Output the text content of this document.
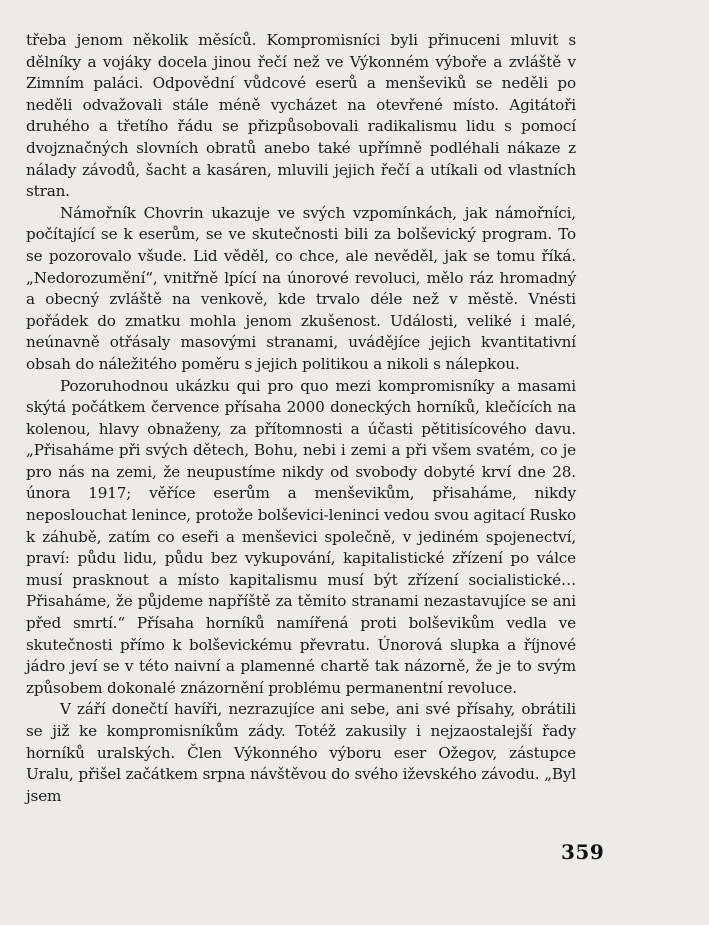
třeba jenom několik měsíců. Kompromisníci byli přinuceni mluvit s dělníky a vojáky docela jinou řečí než ve Výkonném výboře a zvláště v Zimním paláci. Odpovědní vůdcové eserů a menševiků se neděli po neděli odvažovali stále méně vycházet na otevřené místo. Agitátoři druhého a třetího řádu se přizpůsobovali radikalismu lidu s pomocí dvojznačných slovních obratů anebo také upřímně podléhali nákaze z nálady závodů, šacht a kasáren, mluvili jejich řečí a utíkali od vlastních stran.

Námořník Chovrin ukazuje ve svých vzpomínkách, jak námořníci, počítající se k eserům, se ve skutečnosti bili za bolševický program. To se pozorovalo všude. Lid věděl, co chce, ale nevěděl, jak se tomu říká. „Nedorozumění“, vnitřně lpící na únorové revoluci, mělo ráz hromadný a obecný zvláště na venkově, kde trvalo déle než v městě. Vnésti pořádek do zmatku mohla jenom zkušenost. Události, veliké i malé, neúnavně otřásaly masovými stranami, uvádějíce jejich kvantitativní obsah do náležitého poměru s jejich politikou a nikoli s nálepkou.

Pozoruhodnou ukázku qui pro quo mezi kompromisníky a masami skýtá počátkem července přísaha 2000 doneckých horníků, klečících na kolenou, hlavy obnaženy, za přítomnosti a účasti pětitisícového davu. „Přisaháme při svých dětech, Bohu, nebi i zemi a při všem svatém, co je pro nás na zemi, že neupustíme nikdy od svobody dobyté krví dne 28. února 1917; věříce eserům a menševikům, přisaháme, nikdy neposlouchat lenince, protože bolševici-leninci vedou svou agitací Rusko k záhubě, zatím co eseři a menševici společně, v jediném spojenectví, praví: půdu lidu, půdu bez vykupování, kapitalistické zřízení po válce musí prasknout a místo kapitalismu musí být zřízení socialistické… Přisaháme, že půjdeme napříště za těmito stranami nezastavujíce se ani před smrtí.“ Přísaha horníků namířená proti bolševikům vedla ve skutečnosti přímo k bolševickému převratu. Únorová slupka a říjnové jádro jeví se v této naivní a plamenné chartě tak názorně, že je to svým způsobem dokonalé znázornění problému permanentní revoluce.

V září donečtí havíři, nezrazujíce ani sebe, ani své přísahy, obrátili se již ke kompromisníkům zády. Totéž zakusily i nejzaostalejší řady horníků uralských. Člen Výkonného výboru eser Ožegov, zástupce Uralu, přišel začátkem srpna návštěvou do svého iževského závodu. „Byl jsem

359
